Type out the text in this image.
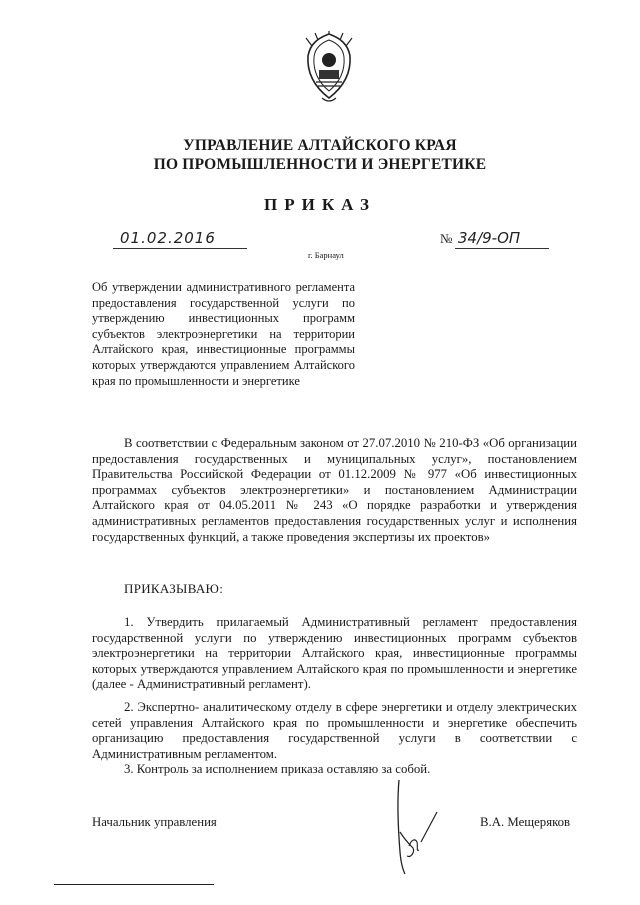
УПРАВЛЕНИЕ АЛТАЙСКОГО КРАЯ
ПО ПРОМЫШЛЕННОСТИ И ЭНЕРГЕТИКЕ
ПРИКАЗ
01.02.2016
г. Барнаул
№ 34/9-ОП
Об утверждении административного регламента предоставления государственной услуги по утверждению инвестиционных программ субъектов электроэнергетики на территории Алтайского края, инвестиционные программы которых утверждаются управлением Алтайского края по промышленности и энергетике
В соответствии с Федеральным законом от 27.07.2010 № 210-ФЗ «Об организации предоставления государственных и муниципальных услуг», постановлением Правительства Российской Федерации от 01.12.2009 № 977 «Об инвестиционных программах субъектов электроэнергетики» и постановлением Администрации Алтайского края от 04.05.2011 № 243 «О порядке разработки и утверждения административных регламентов предоставления государственных услуг и исполнения государственных функций, а также проведения экспертизы их проектов»
ПРИКАЗЫВАЮ:
1. Утвердить прилагаемый Административный регламент предоставления государственной услуги по утверждению инвестиционных программ субъектов электроэнергетики на территории Алтайского края, инвестиционные программы которых утверждаются управлением Алтайского края по промышленности и энергетике (далее - Административный регламент).
2. Экспертно- аналитическому отделу в сфере энергетики и отделу электрических сетей управления Алтайского края по промышленности и энергетике обеспечить организацию предоставления государственной услуги в соответствии с Административным регламентом.
3. Контроль за исполнением приказа оставляю за собой.
Начальник управления	В.А. Мещеряков
